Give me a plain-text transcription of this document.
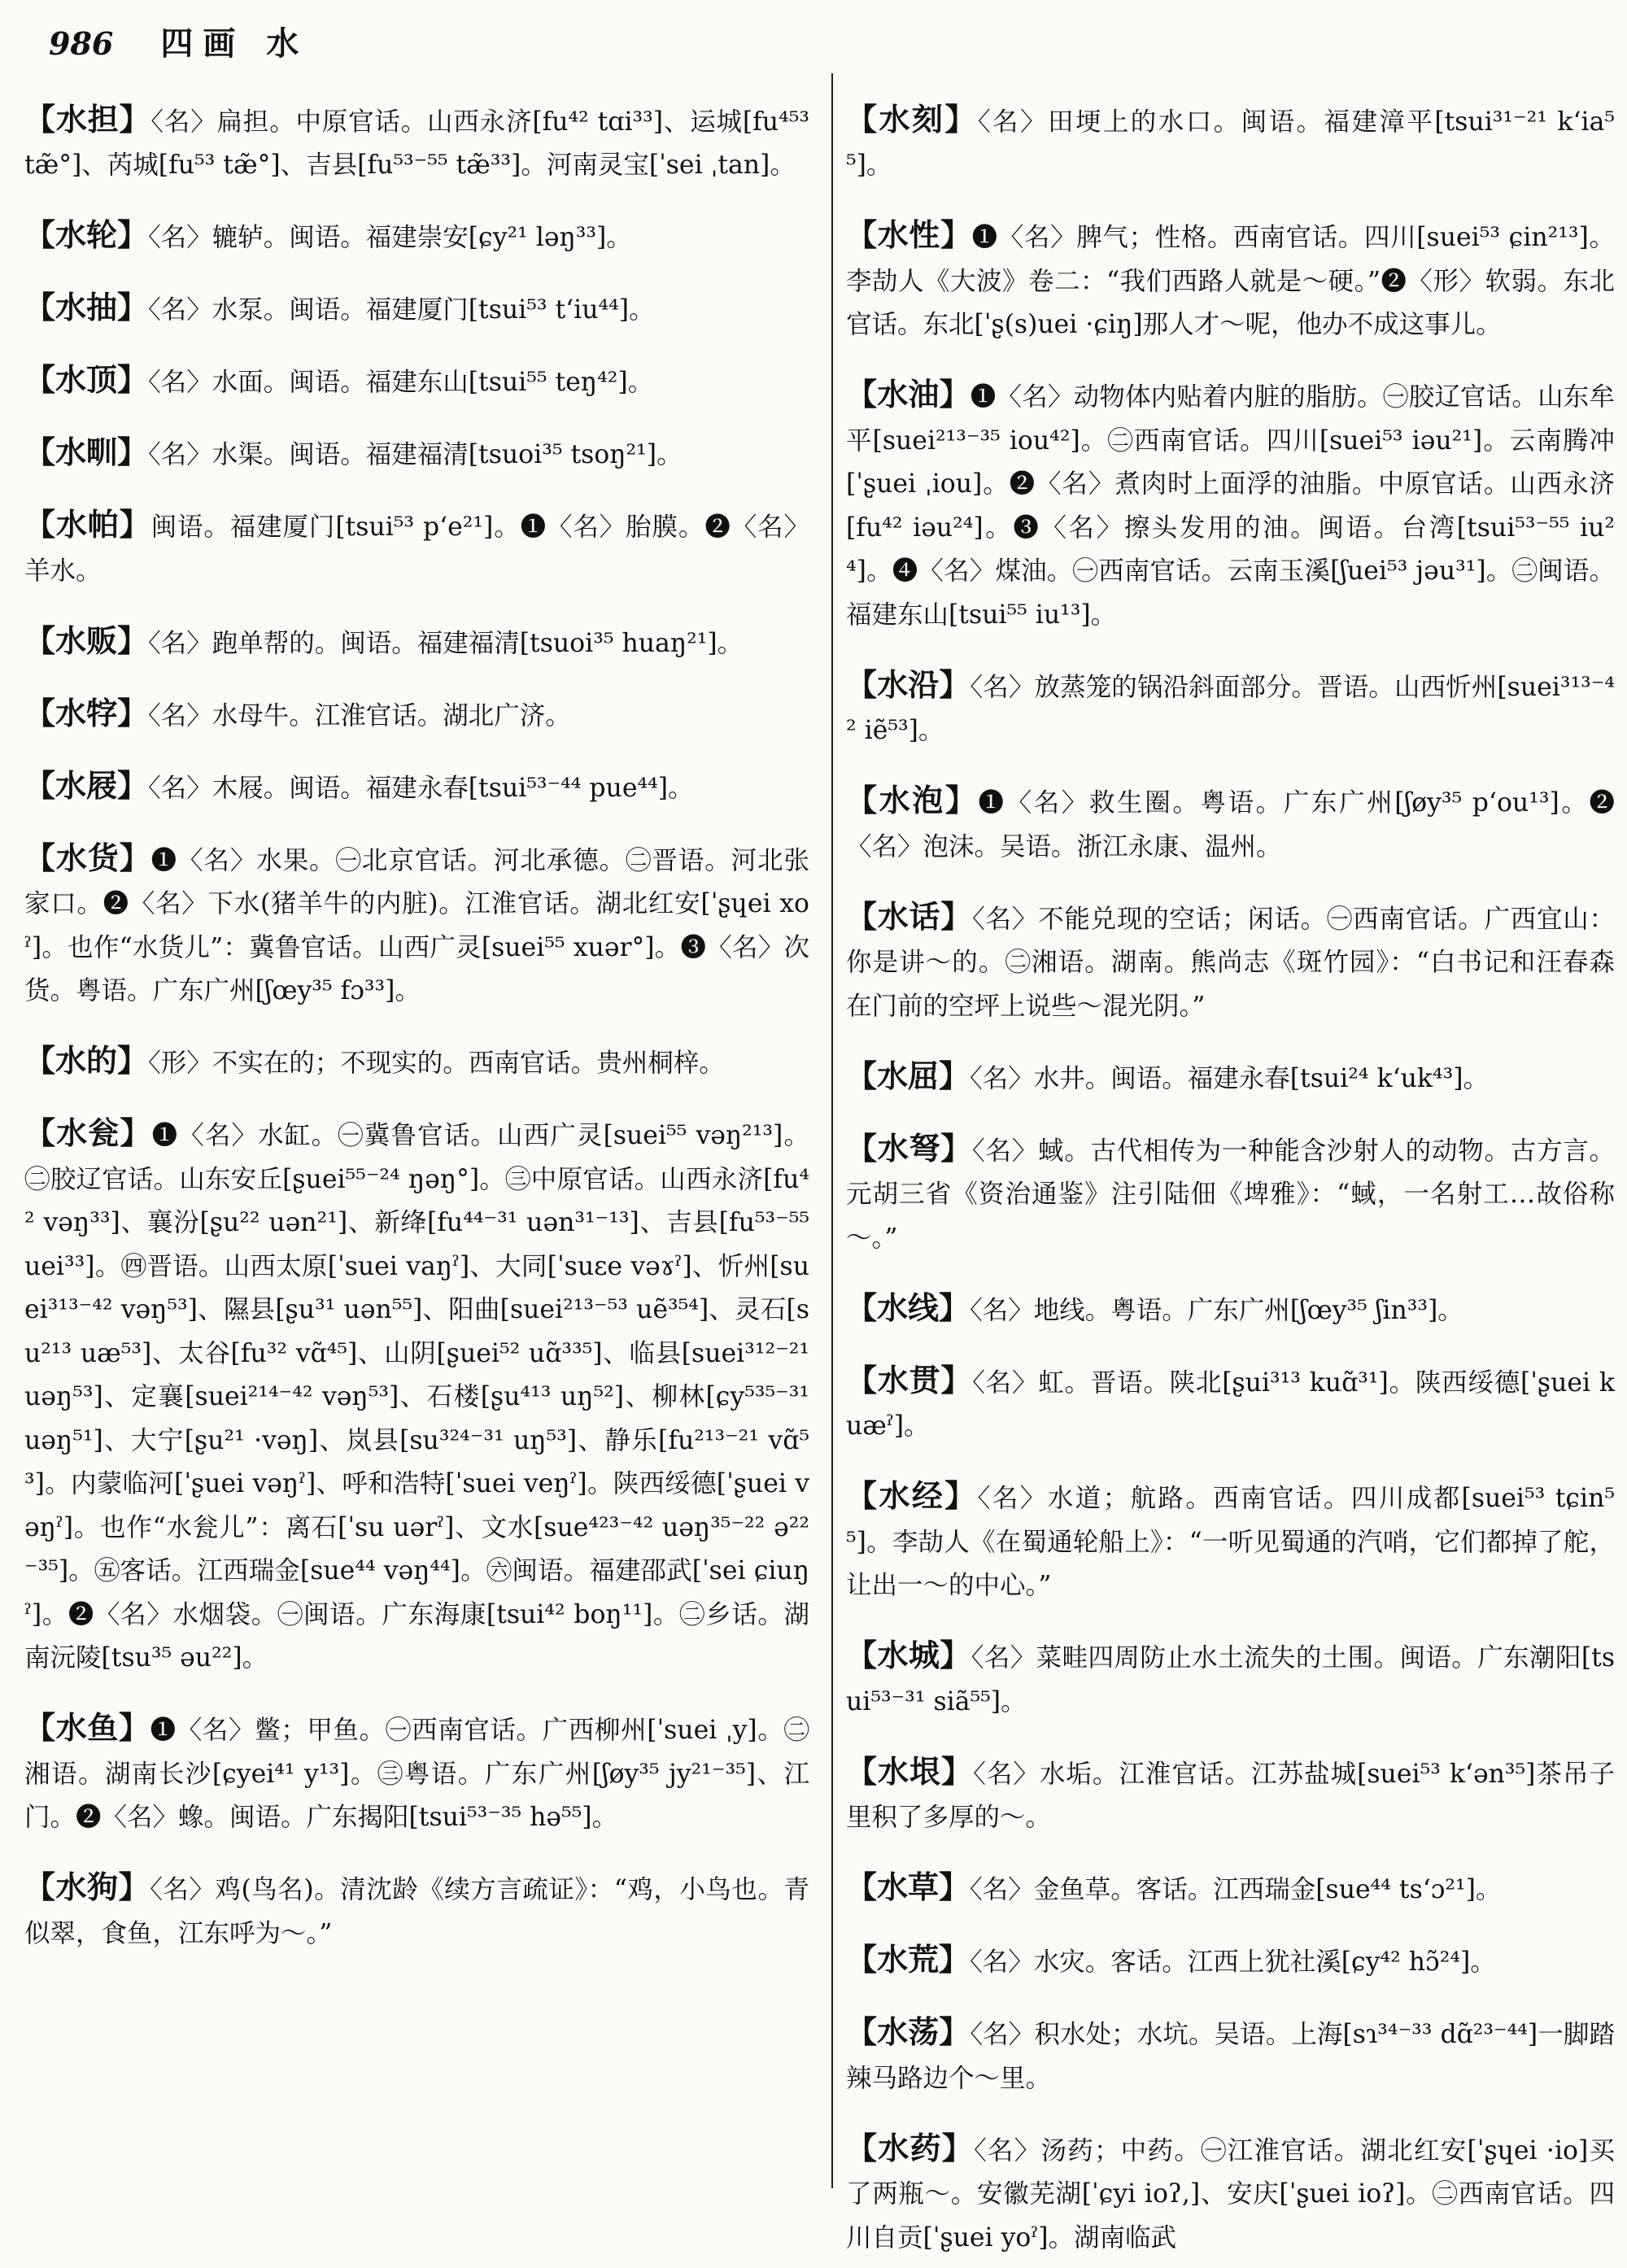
986 四画 水

【水担】〈名〉扁担。中原官话。山西永济[fu⁴² tɑi³³]、运城[fu⁴⁵³ tæ̃°]、芮城[fu⁵³ tæ̃°]、吉县[fu⁵³⁻⁵⁵ tæ̃³³]。河南灵宝[ˈsei ˌtan]。

【水轮】〈名〉辘轳。闽语。福建崇安[ɕy²¹ ləŋ³³]。

【水抽】〈名〉水泵。闽语。福建厦门[tsui⁵³ tʻiu⁴⁴]。

【水顶】〈名〉水面。闽语。福建东山[tsui⁵⁵ teŋ⁴²]。

【水甽】〈名〉水渠。闽语。福建福清[tsuoi³⁵ tsoŋ²¹]。

【水帕】闽语。福建厦门[tsui⁵³ pʻe²¹]。❶〈名〉胎膜。❷〈名〉羊水。

【水贩】〈名〉跑单帮的。闽语。福建福清[tsuoi³⁵ huaŋ²¹]。

【水牸】〈名〉水母牛。江淮官话。湖北广济。

【水屐】〈名〉木屐。闽语。福建永春[tsui⁵³⁻⁴⁴ pue⁴⁴]。

【水货】❶〈名〉水果。㊀北京官话。河北承德。㊁晋语。河北张家口。❷〈名〉下水(猪羊牛的内脏)。江淮官话。湖北红安[ˈʂɥei xoˀ]。也作“水货儿”：冀鲁官话。山西广灵[suei⁵⁵ xuər°]。❸〈名〉次货。粤语。广东广州[ʃœy³⁵ fɔ³³]。

【水的】〈形〉不实在的；不现实的。西南官话。贵州桐梓。

【水瓮】❶〈名〉水缸。㊀冀鲁官话。山西广灵[suei⁵⁵ vəŋ²¹³]。㊁胶辽官话。山东安丘[ʂuei⁵⁵⁻²⁴ ŋəŋ°]。㊂中原官话。山西永济[fu⁴² vəŋ³³]、襄汾[ʂu²² uən²¹]、新绛[fu⁴⁴⁻³¹ uən³¹⁻¹³]、吉县[fu⁵³⁻⁵⁵ uei³³]。㊃晋语。山西太原[ˈsuei vaŋˀ]、大同[ˈsuɛe vəɤˀ]、忻州[suei³¹³⁻⁴² vəŋ⁵³]、隰县[ʂu³¹ uən⁵⁵]、阳曲[suei²¹³⁻⁵³ uẽ³⁵⁴]、灵石[su²¹³ uæ⁵³]、太谷[fu³² vɑ̃⁴⁵]、山阴[ʂuei⁵² uɑ̃³³⁵]、临县[suei³¹²⁻²¹ uəŋ⁵³]、定襄[suei²¹⁴⁻⁴² vəŋ⁵³]、石楼[ʂu⁴¹³ uŋ⁵²]、柳林[ɕy⁵³⁵⁻³¹ uəŋ⁵¹]、大宁[ʂu²¹ ·vəŋ]、岚县[su³²⁴⁻³¹ uŋ⁵³]、静乐[fu²¹³⁻²¹ vɑ̃⁵³]。内蒙临河[ˈʂuei vəŋˀ]、呼和浩特[ˈsuei veŋˀ]。陕西绥德[ˈʂuei vəŋˀ]。也作“水瓮儿”：离石[ˈsu uərˀ]、文水[sue⁴²³⁻⁴² uəŋ³⁵⁻²² ə²²⁻³⁵]。㊄客话。江西瑞金[sue⁴⁴ vəŋ⁴⁴]。㊅闽语。福建邵武[ˈsei ɕiuŋˀ]。❷〈名〉水烟袋。㊀闽语。广东海康[tsui⁴² boŋ¹¹]。㊁乡话。湖南沅陵[tsu³⁵ əu²²]。

【水鱼】❶〈名〉鳖；甲鱼。㊀西南官话。广西柳州[ˈsuei ˌy]。㊁湘语。湖南长沙[ɕyei⁴¹ y¹³]。㊂粤语。广东广州[ʃøy³⁵ jy²¹⁻³⁵]、江门。❷〈名〉蟓。闽语。广东揭阳[tsui⁵³⁻³⁵ hə⁵⁵]。

【水狗】〈名〉鸡(鸟名)。清沈龄《续方言疏证》：“鸡，小鸟也。青似翠，食鱼，江东呼为～。”

【水刻】〈名〉田埂上的水口。闽语。福建漳平[tsui³¹⁻²¹ kʻia⁵⁵]。

【水性】❶〈名〉脾气；性格。西南官话。四川[suei⁵³ ɕin²¹³]。李劼人《大波》卷二：“我们西路人就是～硬。”❷〈形〉软弱。东北官话。东北[ˈʂ(s)uei ·ɕiŋ]那人才～呢，他办不成这事儿。

【水油】❶〈名〉动物体内贴着内脏的脂肪。㊀胶辽官话。山东牟平[suei²¹³⁻³⁵ iou⁴²]。㊁西南官话。四川[suei⁵³ iəu²¹]。云南腾冲[ˈʂuei ˌiou]。❷〈名〉煮肉时上面浮的油脂。中原官话。山西永济[fu⁴² iəu²⁴]。❸〈名〉擦头发用的油。闽语。台湾[tsui⁵³⁻⁵⁵ iu²⁴]。❹〈名〉煤油。㊀西南官话。云南玉溪[ʃuei⁵³ jəu³¹]。㊁闽语。福建东山[tsui⁵⁵ iu¹³]。

【水沿】〈名〉放蒸笼的锅沿斜面部分。晋语。山西忻州[suei³¹³⁻⁴² iẽ⁵³]。

【水泡】❶〈名〉救生圈。粤语。广东广州[ʃøy³⁵ pʻou¹³]。❷〈名〉泡沫。吴语。浙江永康、温州。

【水话】〈名〉不能兑现的空话；闲话。㊀西南官话。广西宜山：你是讲～的。㊁湘语。湖南。熊尚志《斑竹园》：“白书记和汪春森在门前的空坪上说些～混光阴。”

【水屈】〈名〉水井。闽语。福建永春[tsui²⁴ kʻuk⁴³]。

【水弩】〈名〉蜮。古代相传为一种能含沙射人的动物。古方言。元胡三省《资治通鉴》注引陆佃《埤雅》：“蜮，一名射工…故俗称～。”

【水线】〈名〉地线。粤语。广东广州[ʃœy³⁵ ʃin³³]。

【水贯】〈名〉虹。晋语。陕北[ʂui³¹³ kuɑ̃³¹]。陕西绥德[ˈʂuei kuæˀ]。

【水经】〈名〉水道；航路。西南官话。四川成都[suei⁵³ tɕin⁵⁵]。李劼人《在蜀通轮船上》：“一听见蜀通的汽哨，它们都掉了舵，让出一～的中心。”

【水城】〈名〉菜畦四周防止水土流失的土围。闽语。广东潮阳[tsui⁵³⁻³¹ siã⁵⁵]。

【水垠】〈名〉水垢。江淮官话。江苏盐城[suei⁵³ kʻən³⁵]茶吊子里积了多厚的～。

【水草】〈名〉金鱼草。客话。江西瑞金[sue⁴⁴ tsʻɔ²¹]。

【水荒】〈名〉水灾。客话。江西上犹社溪[ɕy⁴² hɔ̃²⁴]。

【水荡】〈名〉积水处；水坑。吴语。上海[sɿ³⁴⁻³³ dɑ̃²³⁻⁴⁴]一脚踏辣马路边个～里。

【水药】〈名〉汤药；中药。㊀江淮官话。湖北红安[ˈʂɥei ·io]买了两瓶～。安徽芜湖[ˈɕyi ioʔ,]、安庆[ˈʂuei ioʔ]。㊁西南官话。四川自贡[ˈʂuei yoˀ]。湖南临武
